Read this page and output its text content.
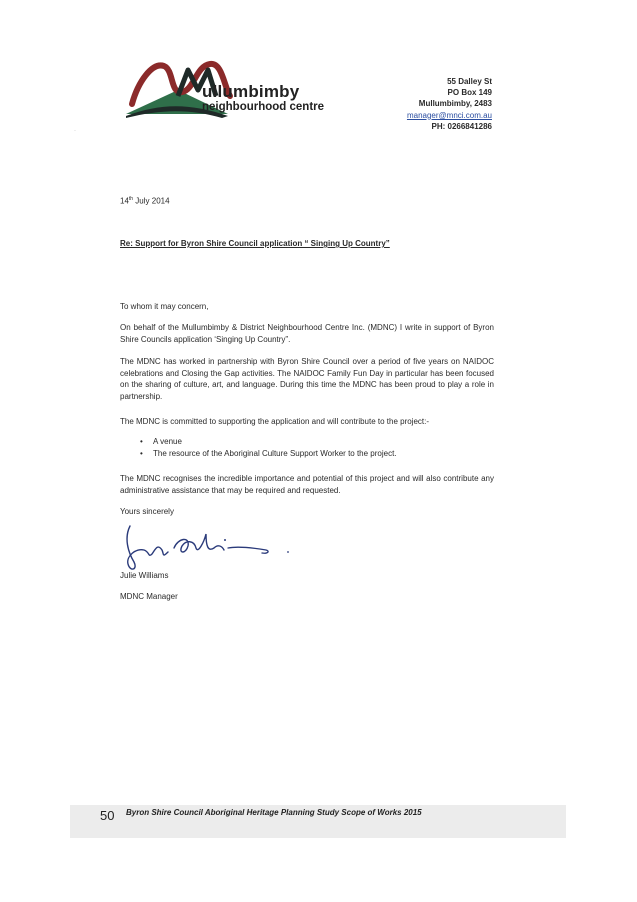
ullumbimby
neighbourhood centre
55 Dalley St
PO Box 149
Mullumbimby, 2483
manager@mnci.com.au
PH: 0266841286
·
14th July 2014
Re: Support for Byron Shire Council application “ Singing Up Country”
To whom it may concern,
On behalf of the Mullumbimby & District Neighbourhood Centre Inc. (MDNC) I write in support of Byron Shire Councils application ‘Singing Up Country”.
The MDNC has worked in partnership with Byron Shire Council over a period of five years on NAIDOC celebrations and Closing the Gap activities. The NAIDOC Family Fun Day in particular has been focused on the sharing of culture, art, and language. During this time the MDNC has been proud to play a role in partnership.
The MDNC is committed to supporting the application and will contribute to the project:-
•	A venue
•	The resource of the Aboriginal Culture Support Worker to the project.
The MDNC recognises the incredible importance and potential of this project and will also contribute any administrative assistance that may be required and requested.
Yours sincerely
Julie Williams
MDNC Manager
50 Byron Shire Council Aboriginal Heritage Planning Study Scope of Works 2015
